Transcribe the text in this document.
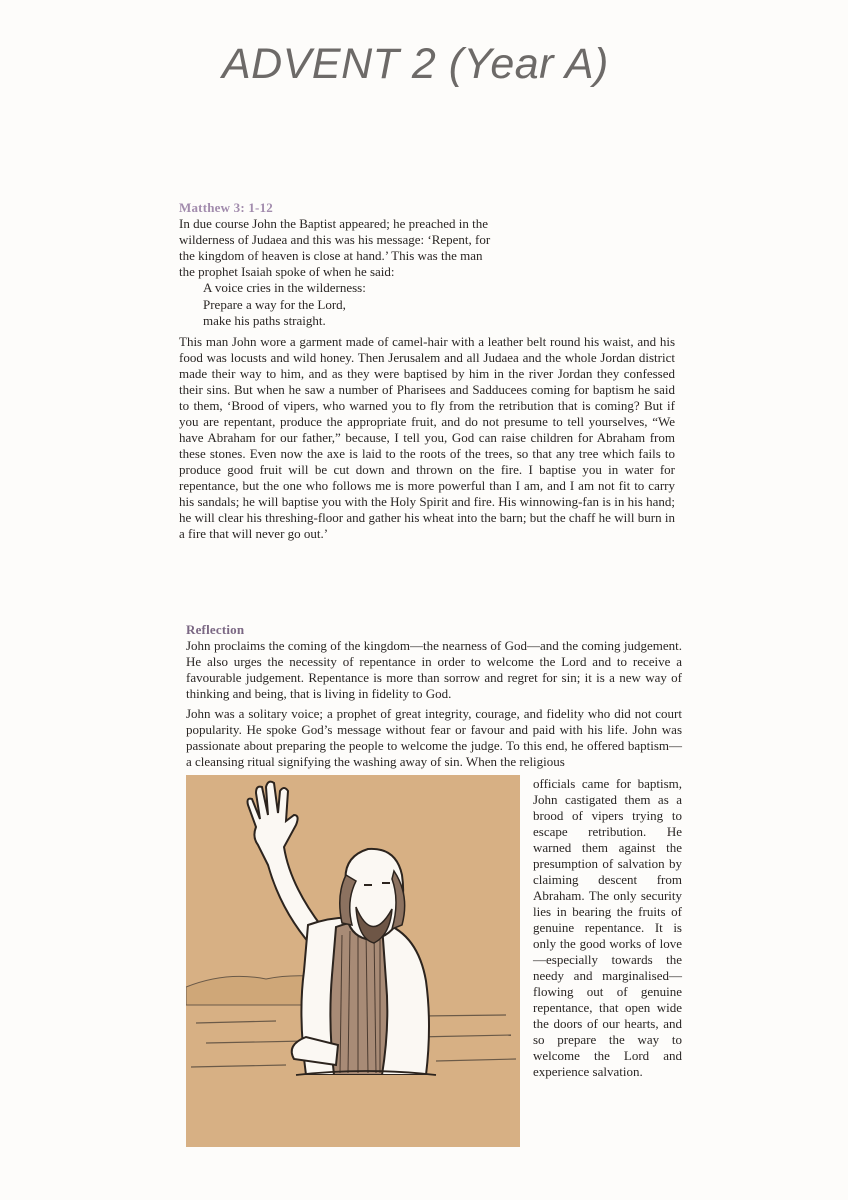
ADVENT 2 (Year A)
Matthew 3: 1-12
In due course John the Baptist appeared; he preached in the
wilderness of Judaea and this was his message: ‘Repent, for
the kingdom of heaven is close at hand.’ This was the man
the prophet Isaiah spoke of when he said:
A voice cries in the wilderness:
Prepare a way for the Lord,
make his paths straight.
This man John wore a garment made of camel-hair with a leather belt round his waist, and his food was locusts and wild honey. Then Jerusalem and all Judaea and the whole Jordan district made their way to him, and as they were baptised by him in the river Jordan they confessed their sins. But when he saw a number of Pharisees and Sadducees coming for baptism he said to them, ‘Brood of vipers, who warned you to fly from the retribution that is coming? But if you are repentant, produce the appropriate fruit, and do not presume to tell yourselves, “We have Abraham for our father,” because, I tell you, God can raise children for Abraham from these stones. Even now the axe is laid to the roots of the trees, so that any tree which fails to produce good fruit will be cut down and thrown on the fire. I baptise you in water for repentance, but the one who follows me is more powerful than I am, and I am not fit to carry his sandals; he will baptise you with the Holy Spirit and fire. His winnowing-fan is in his hand; he will clear his threshing-floor and gather his wheat into the barn; but the chaff he will burn in a fire that will never go out.’
Reflection

John proclaims the coming of the kingdom—the nearness of God—and the coming judgement. He also urges the necessity of repentance in order to welcome the Lord and to receive a favourable judgement. Repentance is more than sorrow and regret for sin; it is a new way of thinking and being, that is living in fidelity to God.

John was a solitary voice; a prophet of great integrity, courage, and fidelity who did not court popularity. He spoke God’s message without fear or favour and paid with his life. John was passionate about preparing the people to welcome the judge. To this end, he offered baptism—a cleansing ritual signifying the washing away of sin. When the religious

officials came for baptism, John castigated them as a brood of vipers trying to escape retribution. He warned them against the presumption of salvation by claiming descent from Abraham. The only security lies in bearing the fruits of genuine repentance. It is only the good works of love—especially towards the needy and marginalised—flowing out of genuine repentance, that open wide the doors of our hearts, and so prepare the way to welcome the Lord and experience salvation.
